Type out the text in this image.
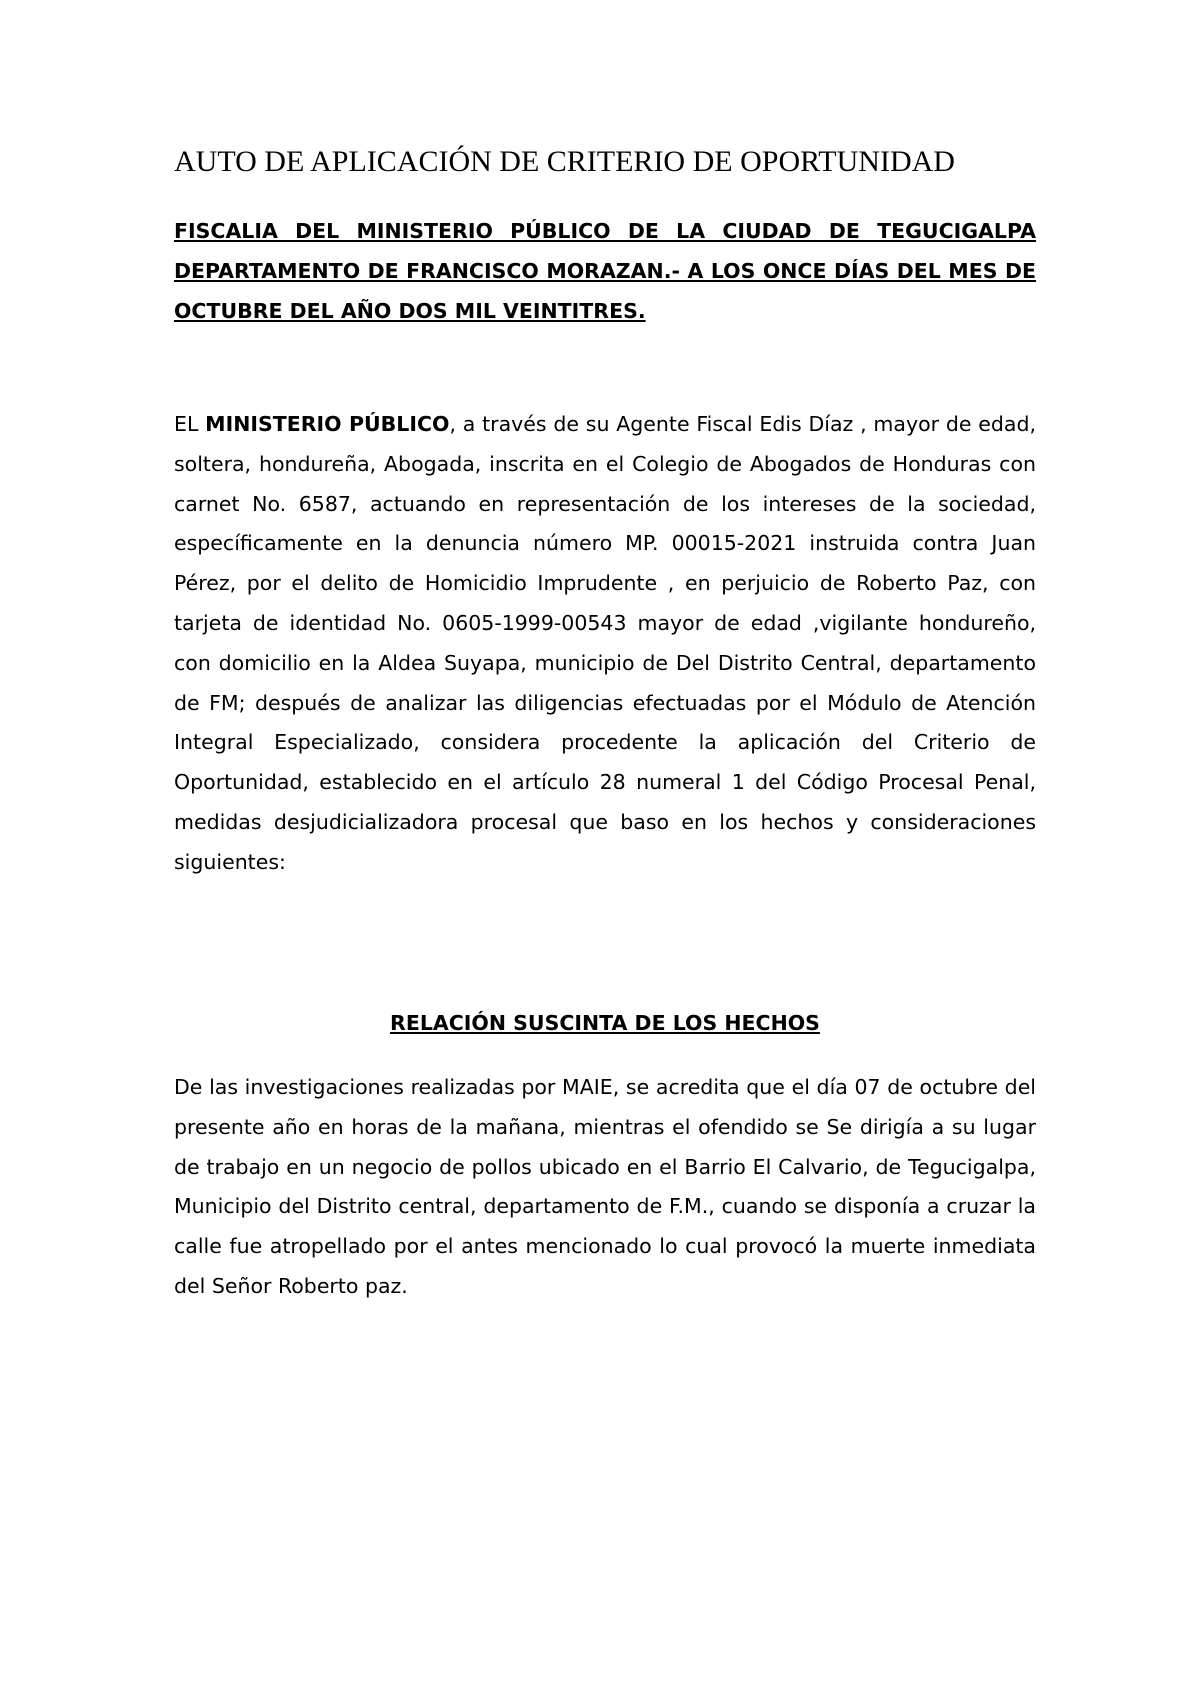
AUTO DE APLICACIÓN DE CRITERIO DE OPORTUNIDAD

FISCALIA DEL MINISTERIO PÚBLICO DE LA CIUDAD DE TEGUCIGALPA DEPARTAMENTO DE FRANCISCO MORAZAN.- A LOS ONCE DÍAS DEL MES DE OCTUBRE DEL AÑO DOS MIL VEINTITRES.

EL MINISTERIO PÚBLICO, a través de su Agente Fiscal Edis Díaz , mayor de edad, soltera, hondureña, Abogada, inscrita en el Colegio de Abogados de Honduras con carnet No. 6587, actuando en representación de los intereses de la sociedad, específicamente en la denuncia número MP. 00015-2021 instruida contra Juan Pérez, por el delito de Homicidio Imprudente , en perjuicio de Roberto Paz, con tarjeta de identidad No. 0605-1999-00543 mayor de edad ,vigilante hondureño, con domicilio en la Aldea Suyapa, municipio de Del Distrito Central, departamento de FM; después de analizar las diligencias efectuadas por el Módulo de Atención Integral Especializado, considera procedente la aplicación del Criterio de Oportunidad, establecido en el artículo 28 numeral 1 del Código Procesal Penal, medidas desjudicializadora procesal que baso en los hechos y consideraciones siguientes:

RELACIÓN SUSCINTA DE LOS HECHOS

De las investigaciones realizadas por MAIE, se acredita que el día 07 de octubre del presente año en horas de la mañana, mientras el ofendido se Se dirigía a su lugar de trabajo en un negocio de pollos ubicado en el Barrio El Calvario, de Tegucigalpa, Municipio del Distrito central, departamento de F.M., cuando se disponía a cruzar la calle fue atropellado por el antes mencionado lo cual provocó la muerte inmediata del Señor Roberto paz.
